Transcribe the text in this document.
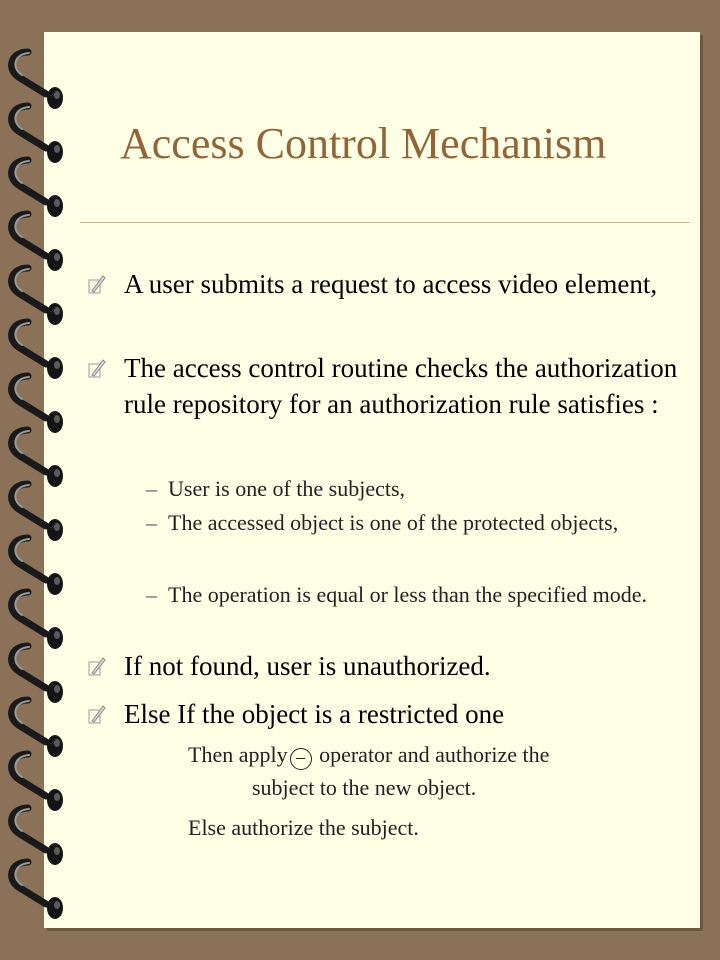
Access Control Mechanism
A user submits a request to access video element,
The access control routine checks the authorization rule repository for an authorization rule satisfies :
– User is one of the subjects,
– The accessed object is one of the protected objects,
– The operation is equal or less than the specified mode.
If not found, user is unauthorized.
Else If the object is a restricted one
Then apply − operator and authorize the
subject to the new object.
Else authorize the subject.
